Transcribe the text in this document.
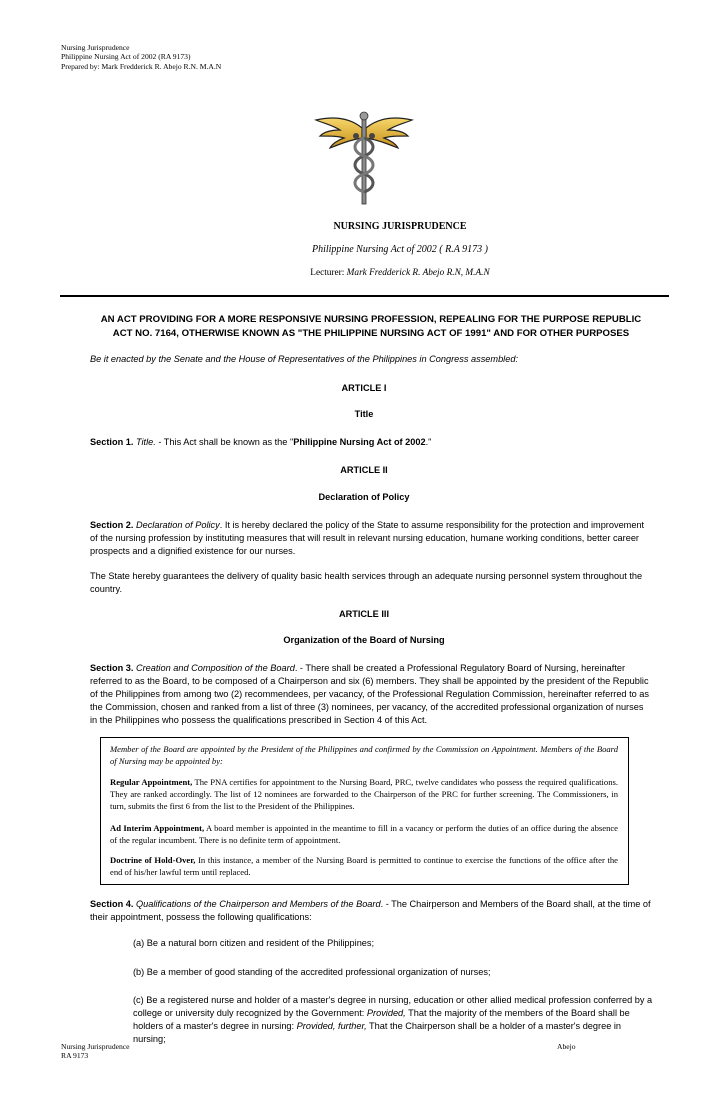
Nursing Jurisprudence
Philippine Nursing Act of 2002 (RA 9173)
Prepared by: Mark Fredderick R. Abejo R.N. M.A.N
NURSING JURISPRUDENCE
Philippine Nursing Act of 2002 ( R.A 9173 )
Lecturer: Mark Fredderick R. Abejo R.N, M.A.N
AN ACT PROVIDING FOR A MORE RESPONSIVE NURSING PROFESSION, REPEALING FOR THE PURPOSE REPUBLIC
ACT NO. 7164, OTHERWISE KNOWN AS "THE PHILIPPINE NURSING ACT OF 1991" AND FOR OTHER PURPOSES
Be it enacted by the Senate and the House of Representatives of the Philippines in Congress assembled:
ARTICLE I
Title
Section 1. Title. - This Act shall be known as the "Philippine Nursing Act of 2002."
ARTICLE II
Declaration of Policy
Section 2. Declaration of Policy. It is hereby declared the policy of the State to assume responsibility for the protection and improvement of the nursing profession by instituting measures that will result in relevant nursing education, humane working conditions, better career prospects and a dignified existence for our nurses.
The State hereby guarantees the delivery of quality basic health services through an adequate nursing personnel system throughout the country.
ARTICLE III
Organization of the Board of Nursing
Section 3. Creation and Composition of the Board. - There shall be created a Professional Regulatory Board of Nursing, hereinafter referred to as the Board, to be composed of a Chairperson and six (6) members. They shall be appointed by the president of the Republic of the Philippines from among two (2) recommendees, per vacancy, of the Professional Regulation Commission, hereinafter referred to as the Commission, chosen and ranked from a list of three (3) nominees, per vacancy, of the accredited professional organization of nurses in the Philippines who possess the qualifications prescribed in Section 4 of this Act.
Member of the Board are appointed by the President of the Philippines and confirmed by the Commission on Appointment. Members of the Board of Nursing may be appointed by:
Regular Appointment, The PNA certifies for appointment to the Nursing Board, PRC, twelve candidates who possess the required qualifications. They are ranked accordingly. The list of 12 nominees are forwarded to the Chairperson of the PRC for further screening. The Commissioners, in turn, submits the first 6 from the list to the President of the Philippines.
Ad Interim Appointment, A board member is appointed in the meantime to fill in a vacancy or perform the duties of an office during the absence of the regular incumbent. There is no definite term of appointment.
Doctrine of Hold-Over, In this instance, a member of the Nursing Board is permitted to continue to exercise the functions of the office after the end of his/her lawful term until replaced.
Section 4. Qualifications of the Chairperson and Members of the Board. - The Chairperson and Members of the Board shall, at the time of their appointment, possess the following qualifications:
(a) Be a natural born citizen and resident of the Philippines;
(b) Be a member of good standing of the accredited professional organization of nurses;
(c) Be a registered nurse and holder of a master's degree in nursing, education or other allied medical profession conferred by a college or university duly recognized by the Government: Provided, That the majority of the members of the Board shall be holders of a master's degree in nursing: Provided, further, That the Chairperson shall be a holder of a master's degree in nursing;
Nursing Jurisprudence
RA 9173
Abejo
